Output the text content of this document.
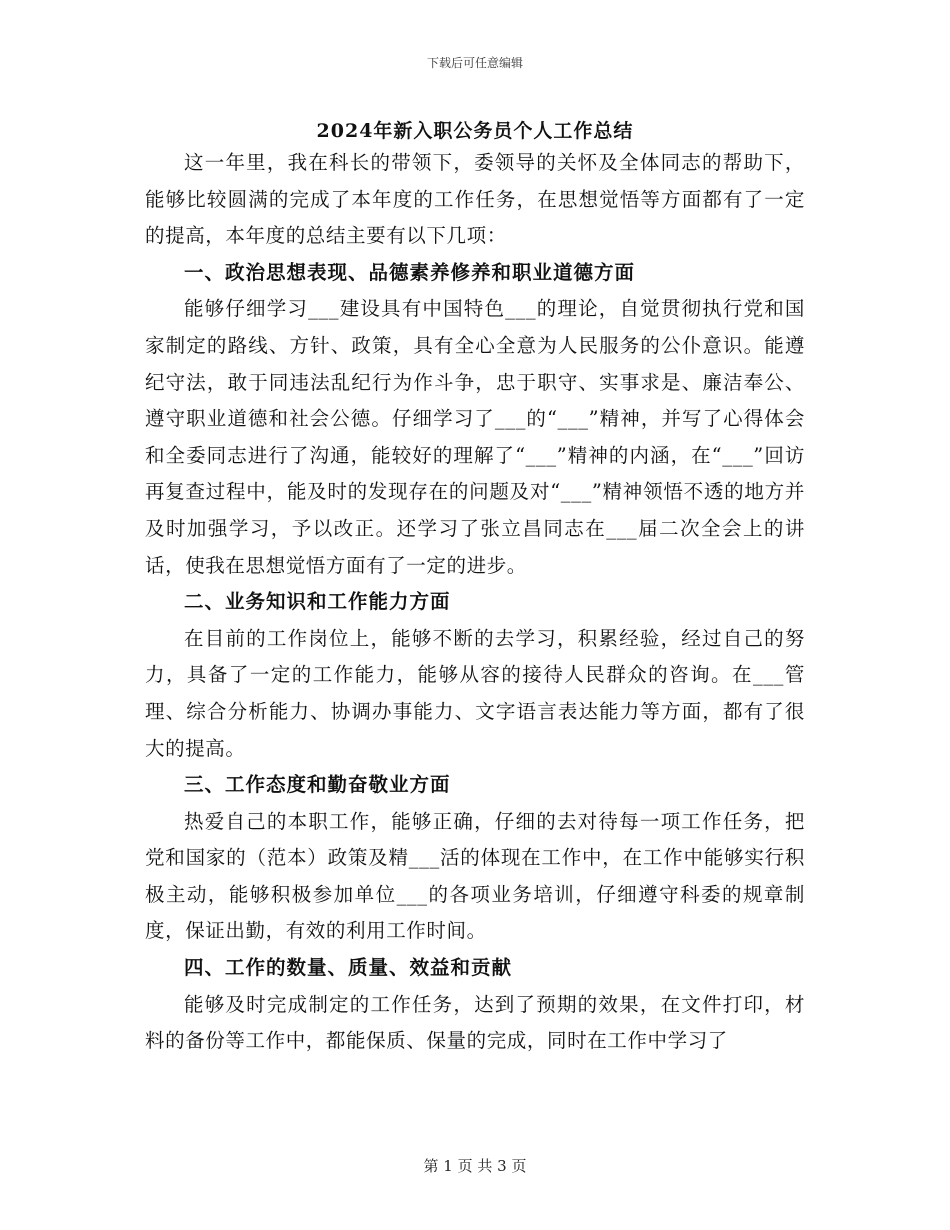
下载后可任意编辑
2024年新入职公务员个人工作总结

这一年里，我在科长的带领下，委领导的关怀及全体同志的帮助下，能够比较圆满的完成了本年度的工作任务，在思想觉悟等方面都有了一定的提高，本年度的总结主要有以下几项：

一、政治思想表现、品德素养修养和职业道德方面

能够仔细学习___建设具有中国特色___的理论，自觉贯彻执行党和国家制定的路线、方针、政策，具有全心全意为人民服务的公仆意识。能遵纪守法，敢于同违法乱纪行为作斗争，忠于职守、实事求是、廉洁奉公、遵守职业道德和社会公德。仔细学习了___的“___”精神，并写了心得体会和全委同志进行了沟通，能较好的理解了“___”精神的内涵，在“___”回访再复查过程中，能及时的发现存在的问题及对“___”精神领悟不透的地方并及时加强学习，予以改正。还学习了张立昌同志在___届二次全会上的讲话，使我在思想觉悟方面有了一定的进步。

二、业务知识和工作能力方面

在目前的工作岗位上，能够不断的去学习，积累经验，经过自己的努力，具备了一定的工作能力，能够从容的接待人民群众的咨询。在___管理、综合分析能力、协调办事能力、文字语言表达能力等方面，都有了很大的提高。

三、工作态度和勤奋敬业方面

热爱自己的本职工作，能够正确，仔细的去对待每一项工作任务，把党和国家的（范本）政策及精___活的体现在工作中，在工作中能够实行积极主动，能够积极参加单位___的各项业务培训，仔细遵守科委的规章制度，保证出勤，有效的利用工作时间。

四、工作的数量、质量、效益和贡献

能够及时完成制定的工作任务，达到了预期的效果，在文件打印，材料的备份等工作中，都能保质、保量的完成，同时在工作中学习了

第 1 页 共 3 页
